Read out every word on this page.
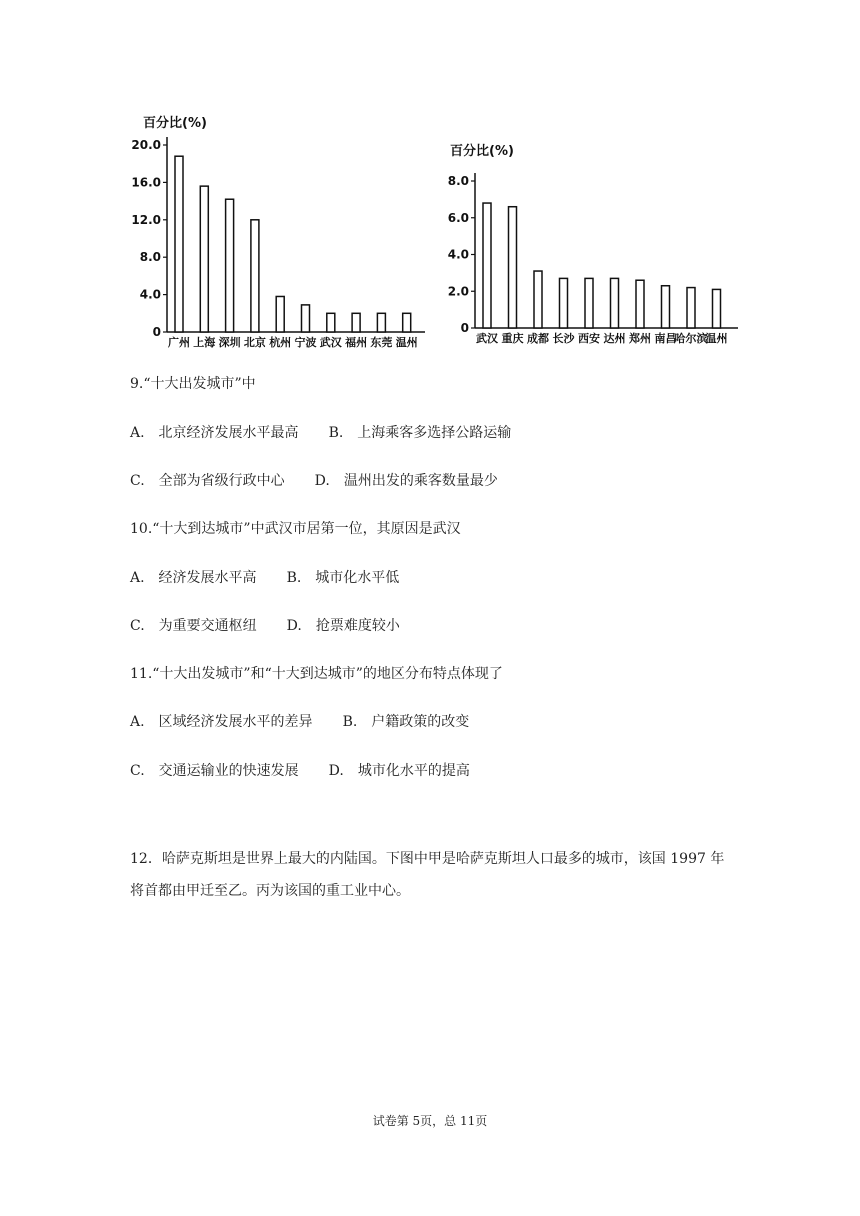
百分比(%)
0
4.0
8.0
12.0
16.0
20.0
广州 上海 深圳 北京 杭州 宁波 武汉 福州 东莞 温州
百分比(%)
0
2.0
4.0
6.0
8.0
武汉 重庆 成都 长沙 西安 达州 郑州 南昌
哈尔滨
温州
9.“十大出发城市”中
A.　北京经济发展水平最高 B.　上海乘客多选择公路运输
C.　全部为省级行政中心 D.　温州出发的乘客数量最少
10.“十大到达城市”中武汉市居第一位，其原因是武汉
A.　经济发展水平高 B.　城市化水平低
C.　为重要交通枢纽 D.　抢票难度较小
11.“十大出发城市”和“十大到达城市”的地区分布特点体现了
A.　区域经济发展水平的差异 B.　户籍政策的改变
C.　交通运输业的快速发展 D.　城市化水平的提高
12．哈萨克斯坦是世界上最大的内陆国。下图中甲是哈萨克斯坦人口最多的城市，该国 1997 年将首都由甲迁至乙。丙为该国的重工业中心。
试卷第 5页，总 11页
